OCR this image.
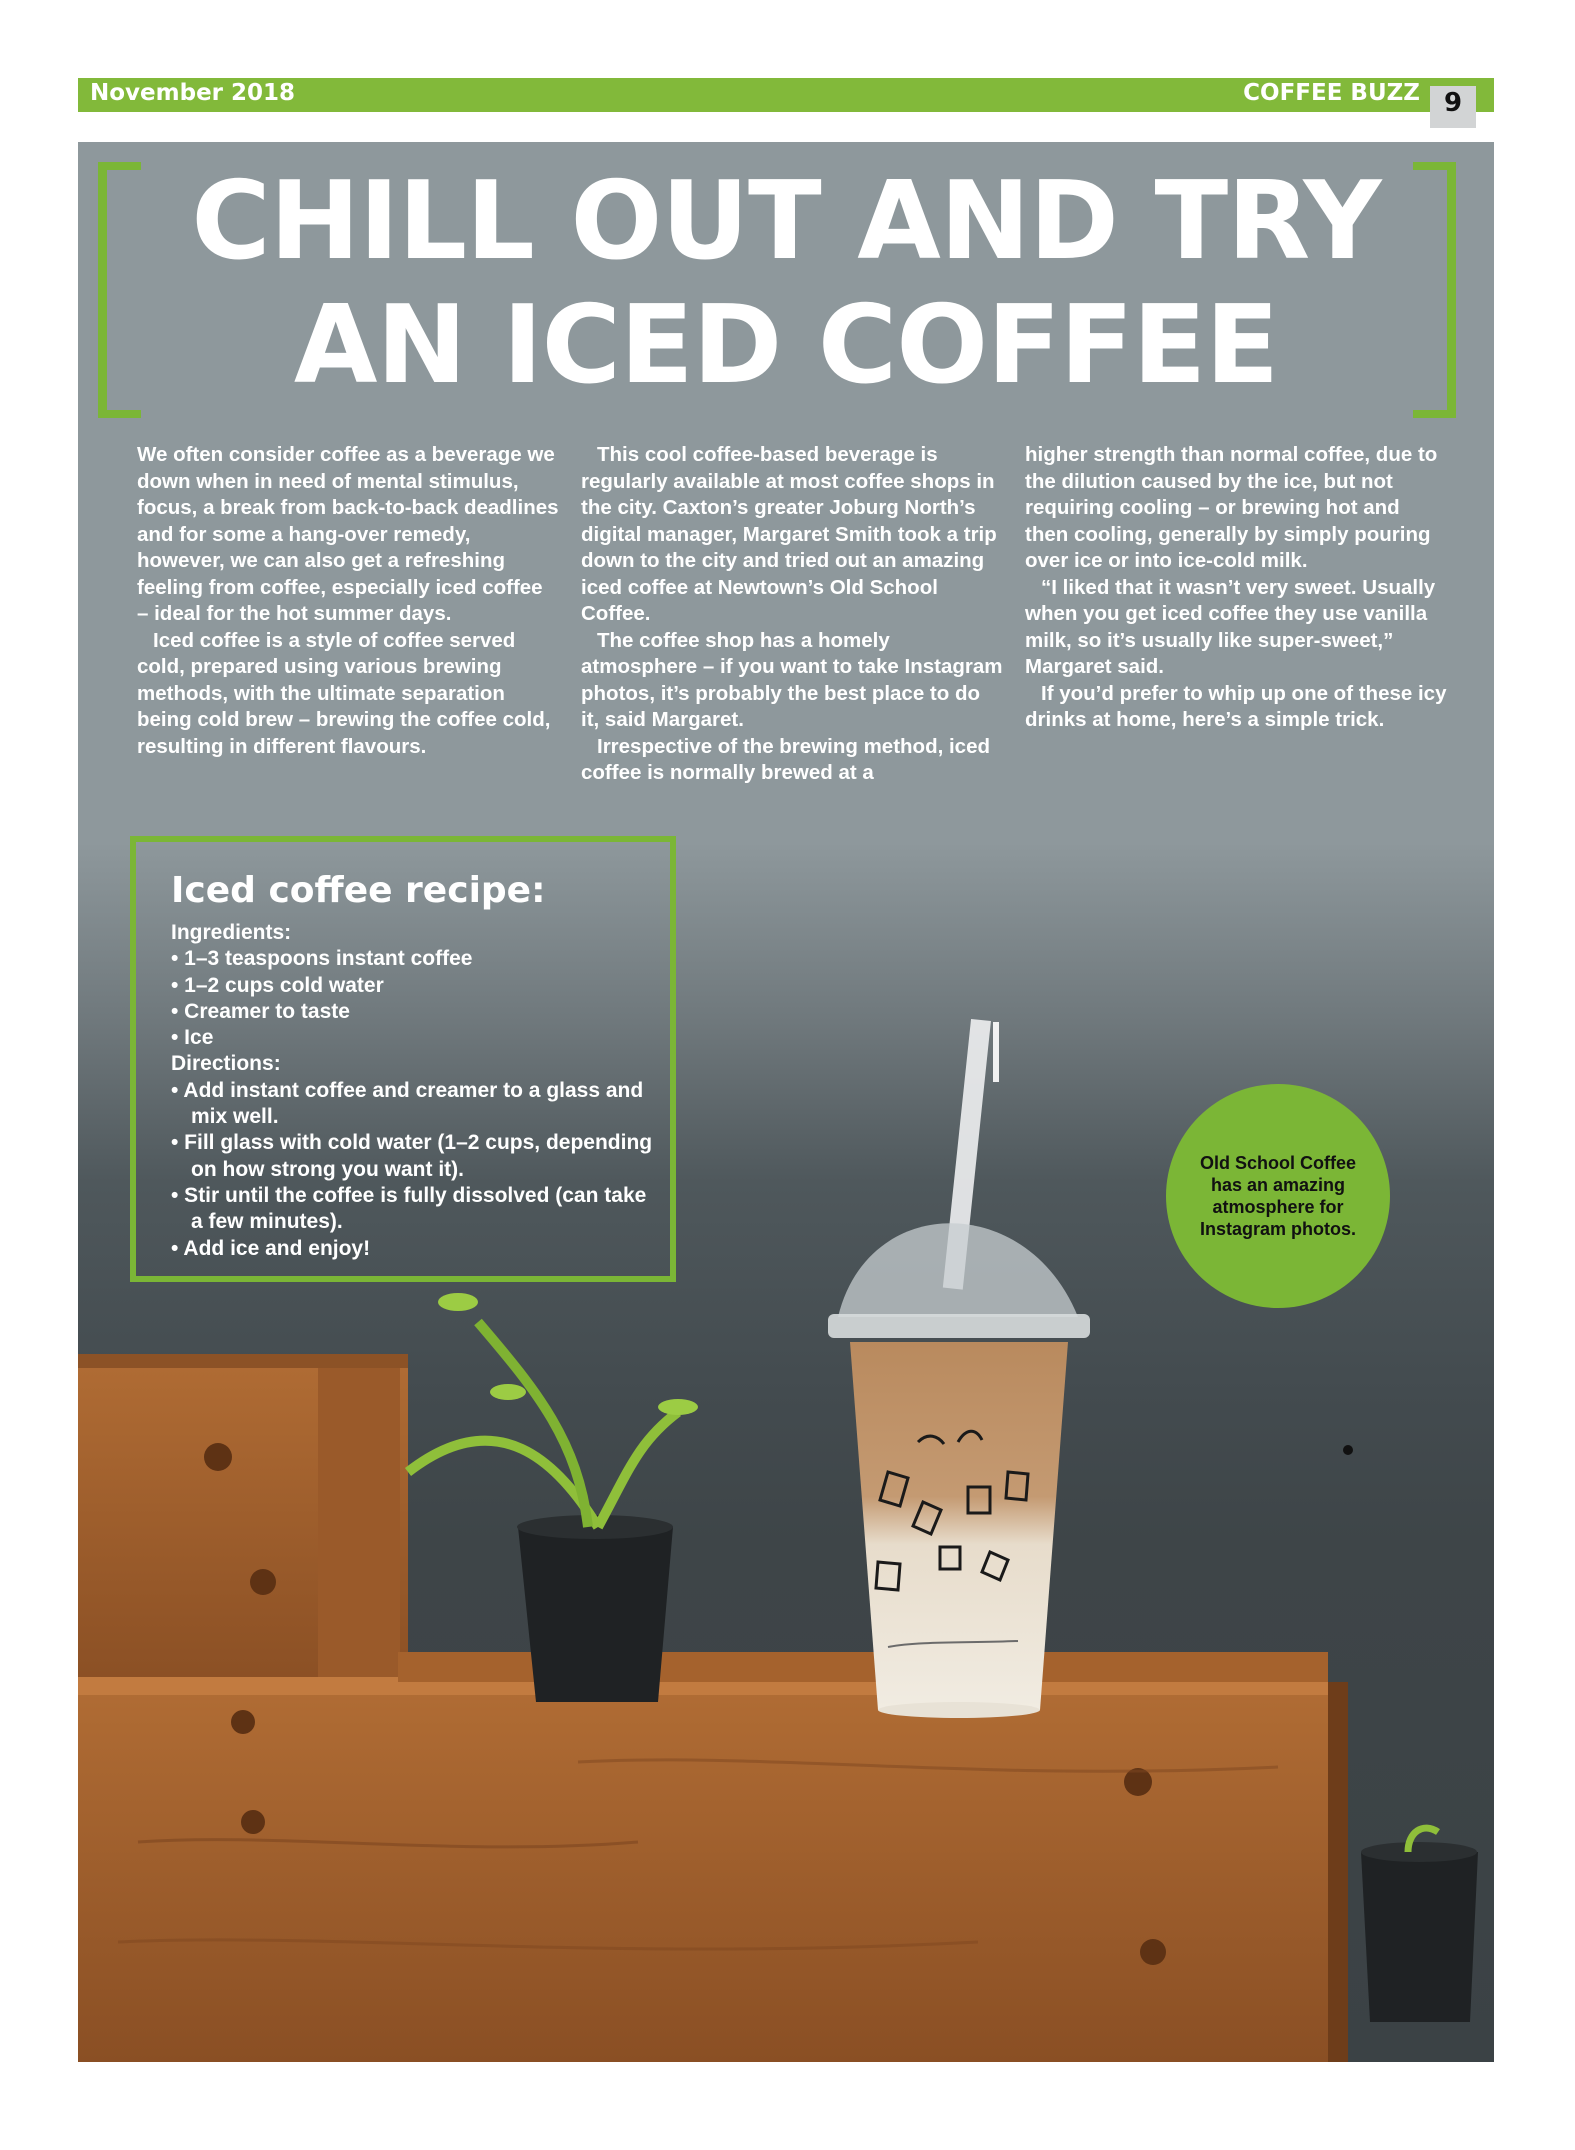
November 2018	COFFEE BUZZ 9
CHILL OUT AND TRY
AN ICED COFFEE

We often consider coffee as a beverage we down when in need of mental stimulus, focus, a break from back-to-back deadlines and for some a hang-over remedy, however, we can also get a refreshing feeling from coffee, especially iced coffee – ideal for the hot summer days.

Iced coffee is a style of coffee served cold, prepared using various brewing methods, with the ultimate separation being cold brew – brewing the coffee cold, resulting in different flavours.

This cool coffee-based beverage is regularly available at most coffee shops in the city. Caxton’s greater Joburg North’s digital manager, Margaret Smith took a trip down to the city and tried out an amazing iced coffee at Newtown’s Old School Coffee.

The coffee shop has a homely atmosphere – if you want to take Instagram photos, it’s probably the best place to do it, said Margaret.

Irrespective of the brewing method, iced coffee is normally brewed at a

higher strength than normal coffee, due to the dilution caused by the ice, but not requiring cooling – or brewing hot and then cooling, generally by simply pouring over ice or into ice-cold milk.

“I liked that it wasn’t very sweet. Usually when you get iced coffee they use vanilla milk, so it’s usually like super-sweet,” Margaret said.

If you’d prefer to whip up one of these icy drinks at home, here’s a simple trick.

Iced coffee recipe:

Ingredients:

• 1–3 teaspoons instant coffee
• 1–2 cups cold water
• Creamer to taste
• Ice

Directions:

• Add instant coffee and creamer to a glass and mix well.
• Fill glass with cold water (1–2 cups, depending on how strong you want it).
• Stir until the coffee is fully dissolved (can take a few minutes).
• Add ice and enjoy!
Old School Coffee has an amazing atmosphere for Instagram photos.
